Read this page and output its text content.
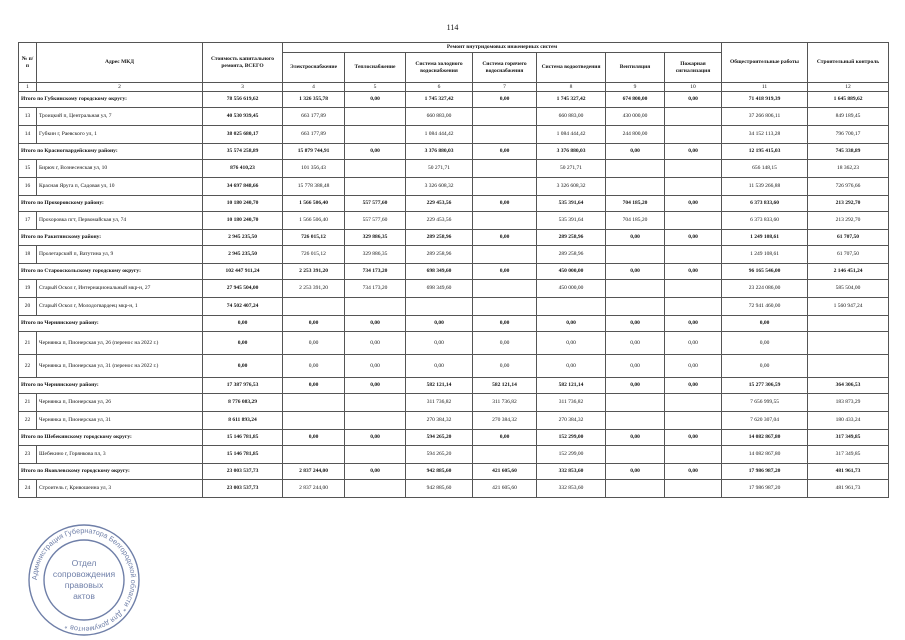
114
№ п/п	Адрес МКД	Стоимость капитального ремонта, ВСЕГО	Ремонт внутридомовых инженерных систем							Общестроительные работы	Строительный контроль
			Электроснабжение	Теплоснабжение	Система холодного водоснабжения	Система горячего водоснабжения	Система водоотведения	Вентиляция	Пожарная сигнализация		
1	2	3	4	5	6	7	8	9	10	11	12
Итого по Губкинскому городскому округу:		78 556 619,62	1 326 355,78	0,00	1 745 327,42	0,00	1 745 327,42	674 800,00	0,00	71 418 919,39	1 645 889,62
13	Троицкий п, Центральная ул, 7	40 530 939,45	663 177,89		660 883,00		660 883,00	430 000,00		37 266 806,11	849 189,45
14	Губкин г, Раевского ул, 1	38 025 680,17	663 177,89		1 084 444,42		1 084 444,42	244 800,00		34 152 113,28	796 700,17
Итого по Красногвардейскому району:		35 574 258,89	15 879 744,91	0,00	3 376 880,03	0,00	3 376 880,03	0,00	0,00	12 195 415,03	745 338,89
15	Бирюч г, Вознесенская ул, 10	876 410,23	101 356,43		50 271,71		50 271,71			656 148,15	18 362,23
16	Красная Яруга п, Садовая ул, 10	34 697 848,66	15 778 388,48		3 326 608,32		3 326 608,32			11 539 266,88	726 976,66
Итого по Прохоровскому району:		10 180 240,70	1 566 506,40	557 577,60	229 453,56	0,00	535 391,64	704 185,20	0,00	6 373 833,60	213 292,70
17	Прохоровка пгт, Первомайская ул, 74	10 180 240,70	1 566 506,40	557 577,60	229 453,56		535 391,64	704 185,20		6 373 833,60	213 292,70
Итого по Ракитянскому району:		2 945 235,50	726 015,12	329 886,35	289 258,96	0,00	289 258,96	0,00	0,00	1 249 108,61	61 707,50
18	Пролетарский п, Ватутина ул, 9	2 945 235,50	726 015,12	329 886,35	289 258,96		289 258,96			1 249 108,61	61 707,50
Итого по Старооскольскому городскому округу:		102 447 911,24	2 253 391,20	734 173,20	698 349,60	0,00	450 000,00	0,00	0,00	96 165 546,00	2 146 451,24
19	Старый Оскол г, Интернациональный мкр-н, 27	27 945 504,00	2 253 391,20	734 173,20	698 349,60		450 000,00			23 224 086,00	585 504,00
20	Старый Оскол г, Молодогвардеец мкр-н, 1	74 502 407,24								72 941 460,00	1 560 947,24
Итого по Чернянскому району:		0,00	0,00	0,00	0,00	0,00	0,00	0,00	0,00	0,00	
21	Чернянка п, Пионерская ул, 26 (перенос на 2022 г.)	0,00	0,00	0,00	0,00	0,00	0,00	0,00	0,00	0,00	
22	Чернянка п, Пионерская ул, 31 (перенос на 2022 г.)	0,00	0,00	0,00	0,00	0,00	0,00	0,00	0,00	0,00	
Итого по Чернянскому району:		17 387 976,53	0,00	0,00	582 121,14	582 121,14	582 121,14	0,00	0,00	15 277 306,59	364 306,53
21	Чернянка п, Пионерская ул, 26	8 776 083,29			311 736,82	311 736,82	311 736,82			7 656 999,55	183 873,29
22	Чернянка п, Пионерская ул, 31	8 611 893,24			270 384,32	270 384,32	270 384,32			7 620 307,04	180 433,24
Итого по Шебекинскому городскому округу:		15 146 781,85	0,00	0,00	594 265,20	0,00	152 299,00	0,00	0,00	14 082 867,80	317 349,85
23	Шебекино г, Горянкова пл, 3	15 146 781,85			594 265,20		152 299,00			14 082 867,80	317 349,85
Итого по Яковлевскому городскому округу:		23 003 537,73	2 837 244,00	0,00	942 885,60	421 605,60	332 853,60	0,00	0,00	17 986 987,20	481 961,73
24	Строитель г, Кривошеина ул, 3	23 003 537,73	2 837 244,00		942 885,60	421 605,60	332 853,60			17 986 987,20	481 961,73
Администрация Губернатора Белгородской области * Для документов *
Отдел
сопровождения
правовых
актов
